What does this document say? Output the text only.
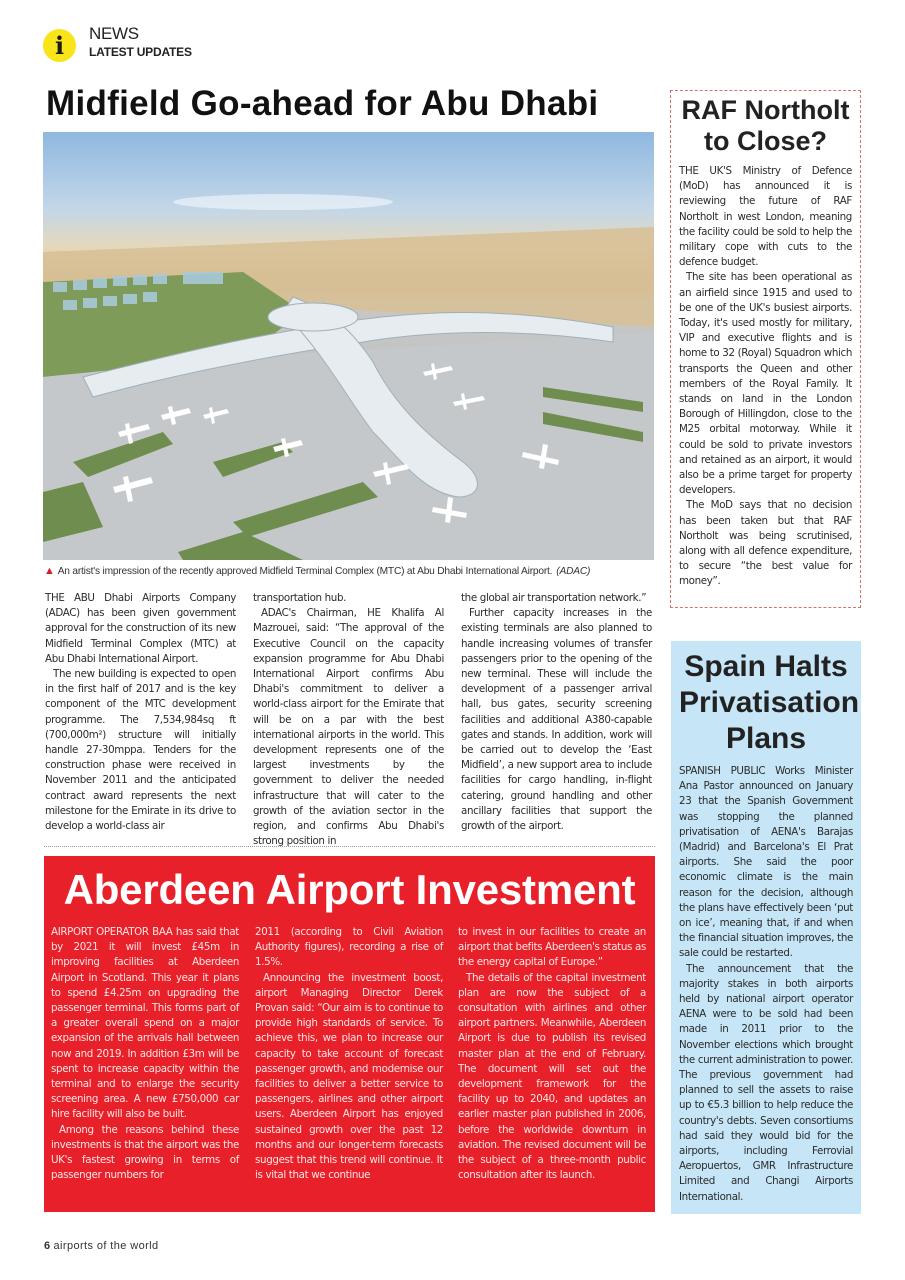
i NEWS
LATEST UPDATES
Midfield Go-ahead for Abu Dhabi
▲ An artist's impression of the recently approved Midfield Terminal Complex (MTC) at Abu Dhabi International Airport. (ADAC)

THE ABU Dhabi Airports Company (ADAC) has been given government approval for the construction of its new Midfield Terminal Complex (MTC) at Abu Dhabi International Airport.

The new building is expected to open in the first half of 2017 and is the key component of the MTC development programme. The 7,534,984sq ft (700,000m²) structure will initially handle 27-30mppa. Tenders for the construction phase were received in November 2011 and the anticipated contract award represents the next milestone for the Emirate in its drive to develop a world-class air

transportation hub.

ADAC's Chairman, HE Khalifa Al Mazrouei, said: “The approval of the Executive Council on the capacity expansion programme for Abu Dhabi International Airport confirms Abu Dhabi's commitment to deliver a world-class airport for the Emirate that will be on a par with the best international airports in the world. This development represents one of the largest investments by the government to deliver the needed infrastructure that will cater to the growth of the aviation sector in the region, and confirms Abu Dhabi's strong position in

the global air transportation network.”

Further capacity increases in the existing terminals are also planned to handle increasing volumes of transfer passengers prior to the opening of the new terminal. These will include the development of a passenger arrival hall, bus gates, security screening facilities and additional A380-capable gates and stands. In addition, work will be carried out to develop the ‘East Midfield’, a new support area to include facilities for cargo handling, in-flight catering, ground handling and other ancillary facilities that support the growth of the airport.

Aberdeen Airport Investment

AIRPORT OPERATOR BAA has said that by 2021 it will invest £45m in improving facilities at Aberdeen Airport in Scotland. This year it plans to spend £4.25m on upgrading the passenger terminal. This forms part of a greater overall spend on a major expansion of the arrivals hall between now and 2019. In addition £3m will be spent to increase capacity within the terminal and to enlarge the security screening area. A new £750,000 car hire facility will also be built.

Among the reasons behind these investments is that the airport was the UK's fastest growing in terms of passenger numbers for

2011 (according to Civil Aviation Authority figures), recording a rise of 1.5%.

Announcing the investment boost, airport Managing Director Derek Provan said: “Our aim is to continue to provide high standards of service. To achieve this, we plan to increase our capacity to take account of forecast passenger growth, and modernise our facilities to deliver a better service to passengers, airlines and other airport users. Aberdeen Airport has enjoyed sustained growth over the past 12 months and our longer-term forecasts suggest that this trend will continue. It is vital that we continue

to invest in our facilities to create an airport that befits Aberdeen's status as the energy capital of Europe.”

The details of the capital investment plan are now the subject of a consultation with airlines and other airport partners. Meanwhile, Aberdeen Airport is due to publish its revised master plan at the end of February. The document will set out the development framework for the facility up to 2040, and updates an earlier master plan published in 2006, before the worldwide downturn in aviation. The revised document will be the subject of a three-month public consultation after its launch.

RAF Northolt
to Close?

THE UK'S Ministry of Defence (MoD) has announced it is reviewing the future of RAF Northolt in west London, meaning the facility could be sold to help the military cope with cuts to the defence budget.

The site has been operational as an airfield since 1915 and used to be one of the UK's busiest airports. Today, it's used mostly for military, VIP and executive flights and is home to 32 (Royal) Squadron which transports the Queen and other members of the Royal Family. It stands on land in the London Borough of Hillingdon, close to the M25 orbital motorway. While it could be sold to private investors and retained as an airport, it would also be a prime target for property developers.

The MoD says that no decision has been taken but that RAF Northolt was being scrutinised, along with all defence expenditure, to secure “the best value for money”.

Spain Halts
Privatisation
Plans

SPANISH PUBLIC Works Minister Ana Pastor announced on January 23 that the Spanish Government was stopping the planned privatisation of AENA's Barajas (Madrid) and Barcelona's El Prat airports. She said the poor economic climate is the main reason for the decision, although the plans have effectively been ‘put on ice’, meaning that, if and when the financial situation improves, the sale could be restarted.

The announcement that the majority stakes in both airports held by national airport operator AENA were to be sold had been made in 2011 prior to the November elections which brought the current administration to power. The previous government had planned to sell the assets to raise up to €5.3 billion to help reduce the country's debts. Seven consortiums had said they would bid for the airports, including Ferrovial Aeropuertos, GMR Infrastructure Limited and Changi Airports International.

6 airports of the world
